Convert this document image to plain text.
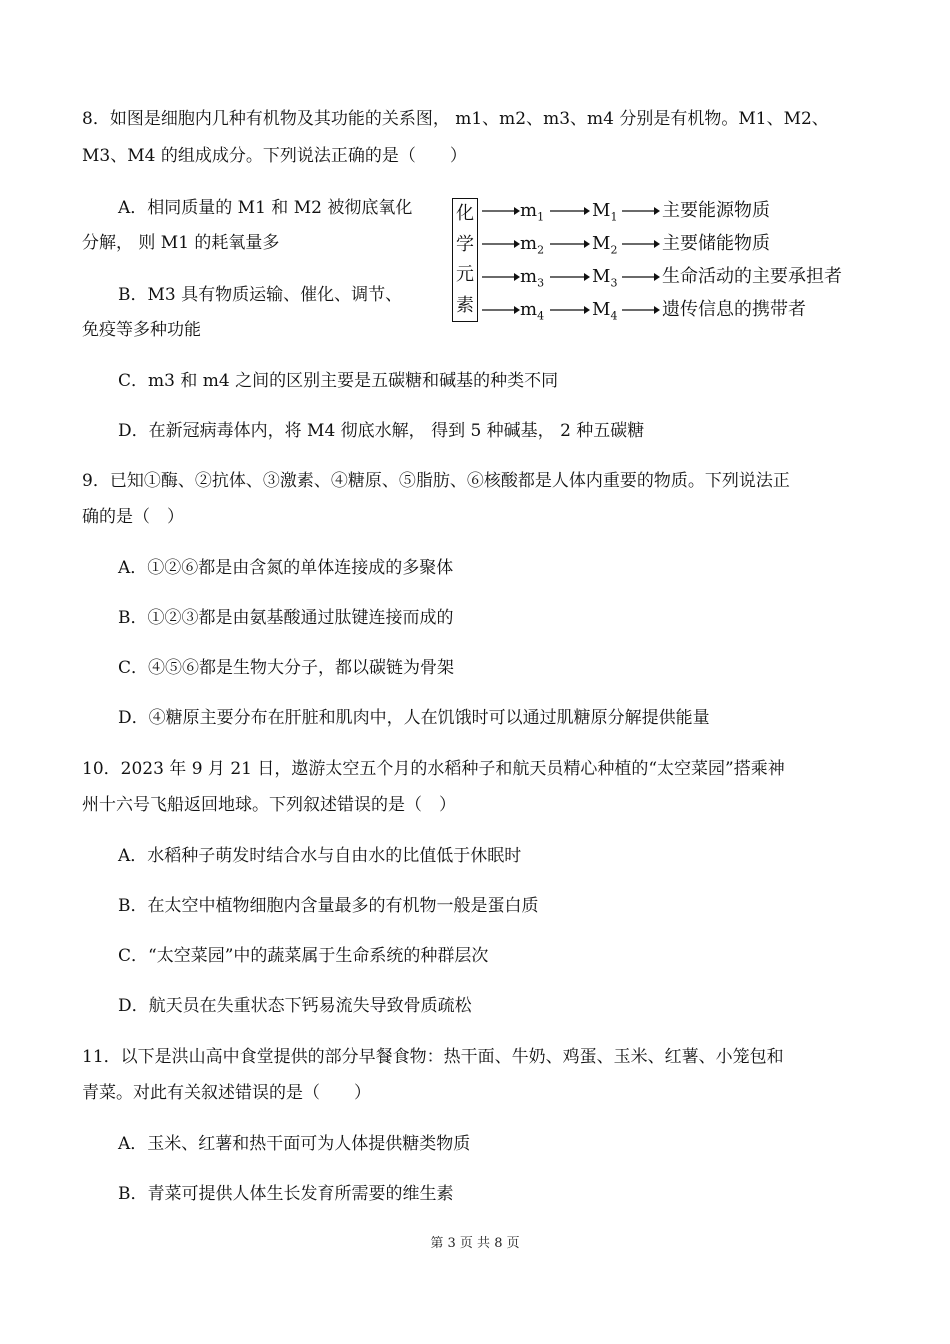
8．如图是细胞内几种有机物及其功能的关系图， m1、m2、m3、m4 分别是有机物。M1、M2、
M3、M4 的组成成分。下列说法正确的是（　　）
A．相同质量的 M1 和 M2 被彻底氧化
分解， 则 M1 的耗氧量多
B．M3 具有物质运输、催化、调节、
免疫等多种功能
C．m3 和 m4 之间的区别主要是五碳糖和碱基的种类不同
D．在新冠病毒体内，将 M4 彻底水解， 得到 5 种碱基， 2 种五碳糖
化
学
元
素
$m_1$	$M_1$ 主要能源物质
$m_2$	$M_2$ 主要储能物质
$m_3$	$M_3$ 生命活动的主要承担者
$m_4$	$M_4$ 遗传信息的携带者
9．已知①酶、②抗体、③激素、④糖原、⑤脂肪、⑥核酸都是人体内重要的物质。下列说法正
确的是（　）
A．①②⑥都是由含氮的单体连接成的多聚体
B．①②③都是由氨基酸通过肽键连接而成的
C．④⑤⑥都是生物大分子，都以碳链为骨架
D．④糖原主要分布在肝脏和肌肉中，人在饥饿时可以通过肌糖原分解提供能量
10．2023 年 9 月 21 日，遨游太空五个月的水稻种子和航天员精心种植的“太空菜园”搭乘神
州十六号飞船返回地球。下列叙述错误的是（　）
A．水稻种子萌发时结合水与自由水的比值低于休眠时
B．在太空中植物细胞内含量最多的有机物一般是蛋白质
C．“太空菜园”中的蔬菜属于生命系统的种群层次
D．航天员在失重状态下钙易流失导致骨质疏松
11．以下是洪山高中食堂提供的部分早餐食物：热干面、牛奶、鸡蛋、玉米、红薯、小笼包和
青菜。对此有关叙述错误的是（　　）
A．玉米、红薯和热干面可为人体提供糖类物质
B．青菜可提供人体生长发育所需要的维生素
第 3 页 共 8 页
